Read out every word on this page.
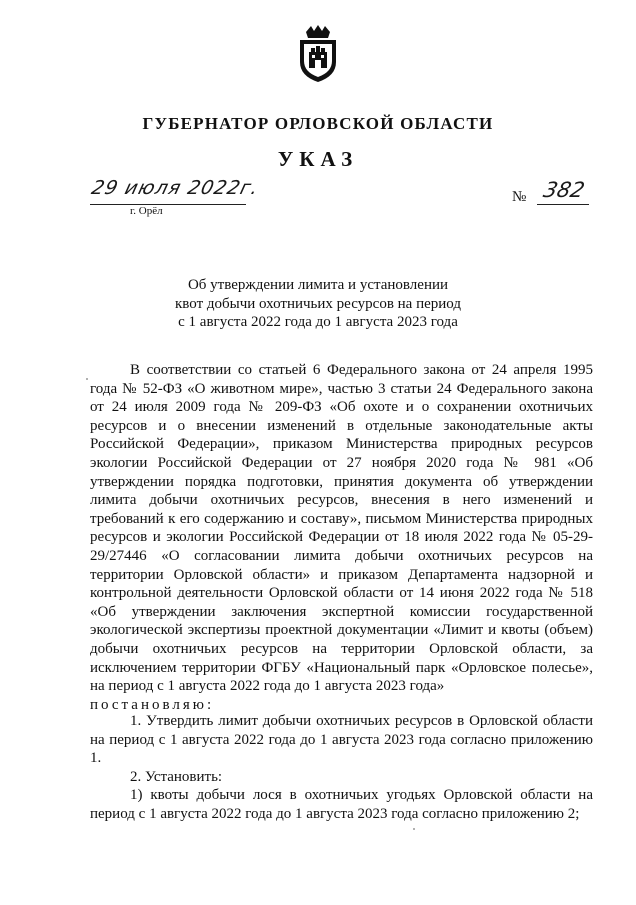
ГУБЕРНАТОР ОРЛОВСКОЙ ОБЛАСТИ
УКАЗ
29 июля 2022г.
г. Орёл
№ 382
Об утверждении лимита и установлении
квот добычи охотничьих ресурсов на период
с 1 августа 2022 года до 1 августа 2023 года

В соответствии со статьей 6 Федерального закона от 24 апреля 1995 года № 52-ФЗ «О животном мире», частью 3 статьи 24 Федерального закона от 24 июля 2009 года № 209-ФЗ «Об охоте и о сохранении охотничьих ресурсов и о внесении изменений в отдельные законодательные акты Российской Федерации», приказом Министерства природных ресурсов экологии Российской Федерации от 27 ноября 2020 года № 981 «Об утверждении порядка подготовки, принятия документа об утверждении лимита добычи охотничьих ресурсов, внесения в него изменений и требований к его содержанию и составу», письмом Министерства природных ресурсов и экологии Российской Федерации от 18 июля 2022 года № 05-29-29/27446 «О согласовании лимита добычи охотничьих ресурсов на территории Орловской области» и приказом Департамента надзорной и контрольной деятельности Орловской области от 14 июня 2022 года № 518 «Об утверждении заключения экспертной комиссии государственной экологической экспертизы проектной документации «Лимит и квоты (объем) добычи охотничьих ресурсов на территории Орловской области, за исключением территории ФГБУ «Национальный парк «Орловское полесье», на период с 1 августа 2022 года до 1 августа 2023 года»
постановляю:

1. Утвердить лимит добычи охотничьих ресурсов в Орловской области на период с 1 августа 2022 года до 1 августа 2023 года согласно приложению 1.

2. Установить:

1) квоты добычи лося в охотничьих угодьях Орловской области на период с 1 августа 2022 года до 1 августа 2023 года согласно приложению 2;
